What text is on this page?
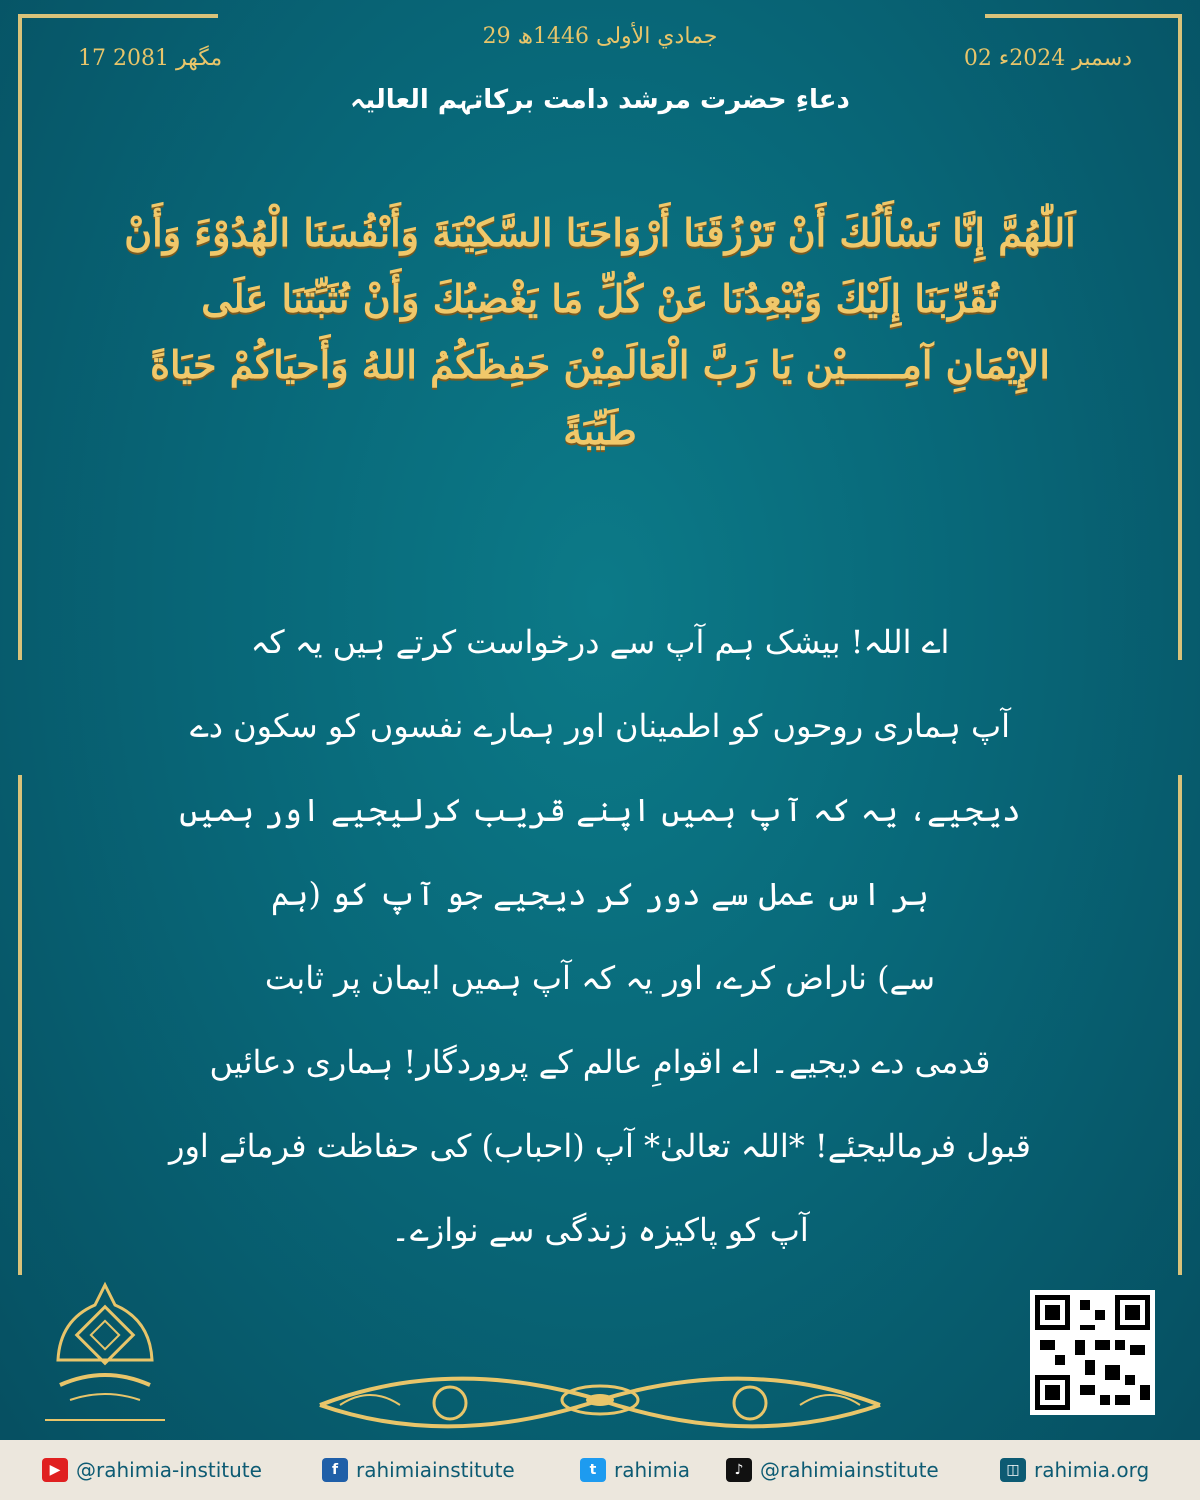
29 جمادي الأولى 1446ھ
02 دسمبر 2024ء
17 مگھر 2081
دعاءِ حضرت مرشد دامت برکاتہم العالیہ
اَللّٰهُمَّ إِنَّا نَسْأَلُكَ أَنْ تَرْزُقَنَا أَرْوَاحَنَا السَّكِيْنَةَ وَأَنْفُسَنَا الْهُدُوْءَ وَأَنْ
تُقَرِّبَنَا إِلَيْكَ وَتُبْعِدُنَا عَنْ كُلِّ مَا يَغْضِبُكَ وَأَنْ تُثَبِّتَنَا عَلَى
الإِيْمَانِ آمِـــــيْن يَا رَبَّ الْعَالَمِيْنَ حَفِظَكُمُ اللهُ وَأَحيَاكُمْ حَيَاةً
طَيِّبَةً
اے اللہ! بیشک ہم آپ سے درخواست کرتے ہیں یہ کہ
آپ ہماری روحوں کو اطمینان اور ہمارے نفسوں کو سکون دے
دیجیے، یہ کہ آپ ہمیں اپنے قریب کرلیجیے اور ہمیں
ہر اس عمل سے دور کر دیجیے جو آپ کو (ہم
سے) ناراض کرے، اور یہ کہ آپ ہمیں ایمان پر ثابت
قدمی دے دیجیے۔ اے اقوامِ عالم کے پروردگار! ہماری دعائیں
قبول فرمالیجئے! *اللہ تعالیٰ* آپ (احباب) کی حفاظت فرمائے اور
آپ کو پاکیزہ زندگی سے نوازے۔
▶ @rahimia-institute	f rahimiainstitute	t rahimia	♪ @rahimiainstitute	◫ rahimia.org
